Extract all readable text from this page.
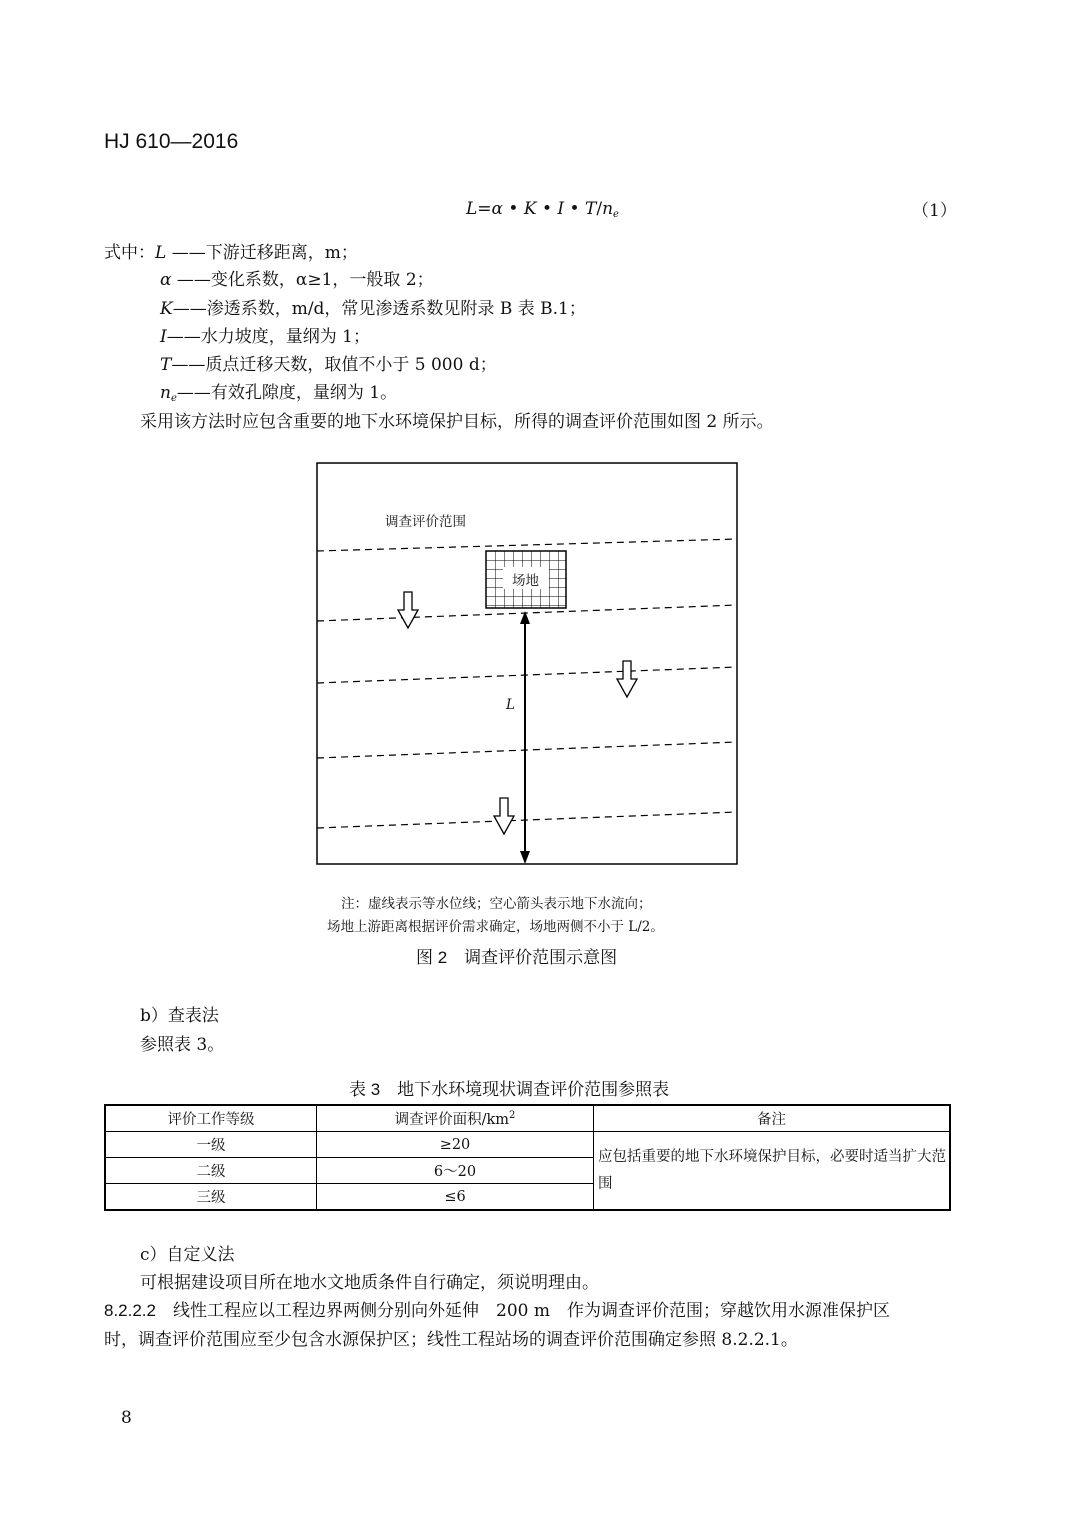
HJ 610—2016
L=α • K • I • $T/n_e$	（1）
式中：L ——下游迁移距离，m；
α ——变化系数，α≥1，一般取 2；
K——渗透系数，m/d，常见渗透系数见附录 B 表 B.1；
I——水力坡度，量纲为 1；
T——质点迁移天数，取值不小于 5 000 d；
$n_e——$有效孔隙度，量纲为 1。
采用该方法时应包含重要的地下水环境保护目标，所得的调查评价范围如图 2 所示。
调查评价范围
场地
L
注：虚线表示等水位线；空心箭头表示地下水流向；
场地上游距离根据评价需求确定，场地两侧不小于 L/2。
图 2　调查评价范围示意图
b）查表法
参照表 3。
表 3　地下水环境现状调查评价范围参照表
评价工作等级	调查评价面积$/km^2$	备注
一级	≥20	应包括重要的地下水环境保护目标，必要时适当扩大范围
二级	6～20	
三级	≤6	
c）自定义法
可根据建设项目所在地水文地质条件自行确定，须说明理由。
8.2.2.2　 线性工程应以工程边界两侧分别向外延伸　200 m　作为调查评价范围；穿越饮用水源准保护区
时，调查评价范围应至少包含水源保护区；线性工程站场的调查评价范围确定参照 8.2.2.1。
8
